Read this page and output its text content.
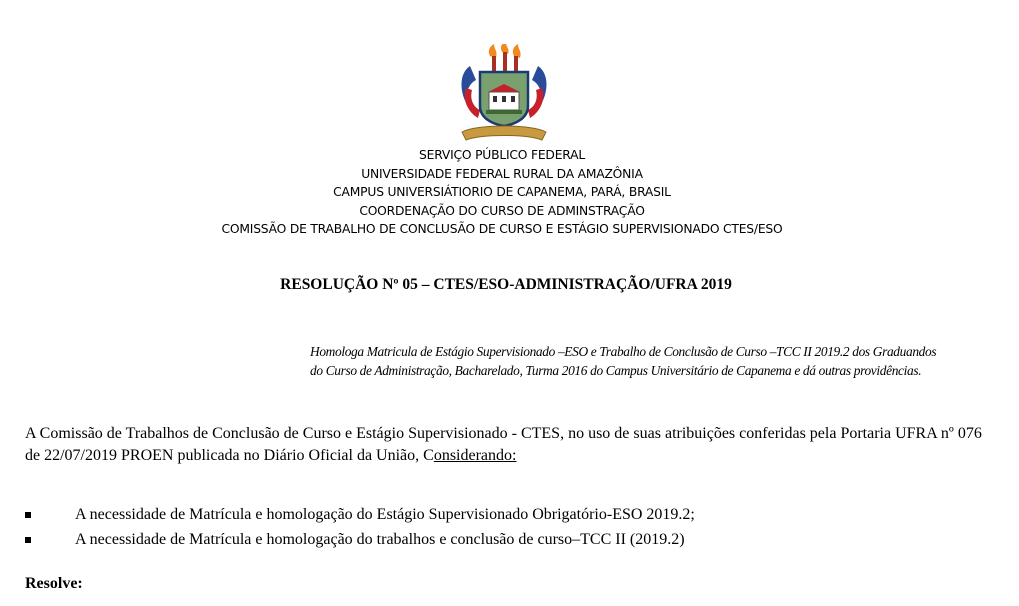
SERVIÇO PÚBLICO FEDERAL
UNIVERSIDADE FEDERAL RURAL DA AMAZÔNIA
CAMPUS UNIVERSIÁTIORIO DE CAPANEMA, PARÁ, BRASIL
COORDENAÇÃO DO CURSO DE ADMINSTRAÇÃO
COMISSÃO DE TRABALHO DE CONCLUSÃO DE CURSO E ESTÁGIO SUPERVISIONADO CTES/ESO
RESOLUÇÃO Nº 05 – CTES/ESO-ADMINISTRAÇÃO/UFRA 2019
Homologa Matricula de Estágio Supervisionado –ESO e Trabalho de Conclusão de Curso –TCC II 2019.2 dos Graduandos
do Curso de Administração, Bacharelado, Turma 2016 do Campus Universitário de Capanema e dá outras providências.
A Comissão de Trabalhos de Conclusão de Curso e Estágio Supervisionado - CTES, no uso de suas atribuições conferidas pela Portaria UFRA nº 076 de 22/07/2019 PROEN publicada no Diário Oficial da União, Considerando:
A necessidade de Matrícula e homologação do Estágio Supervisionado Obrigatório-ESO 2019.2;
A necessidade de Matrícula e homologação do trabalhos e conclusão de curso–TCC II (2019.2)
Resolve:
